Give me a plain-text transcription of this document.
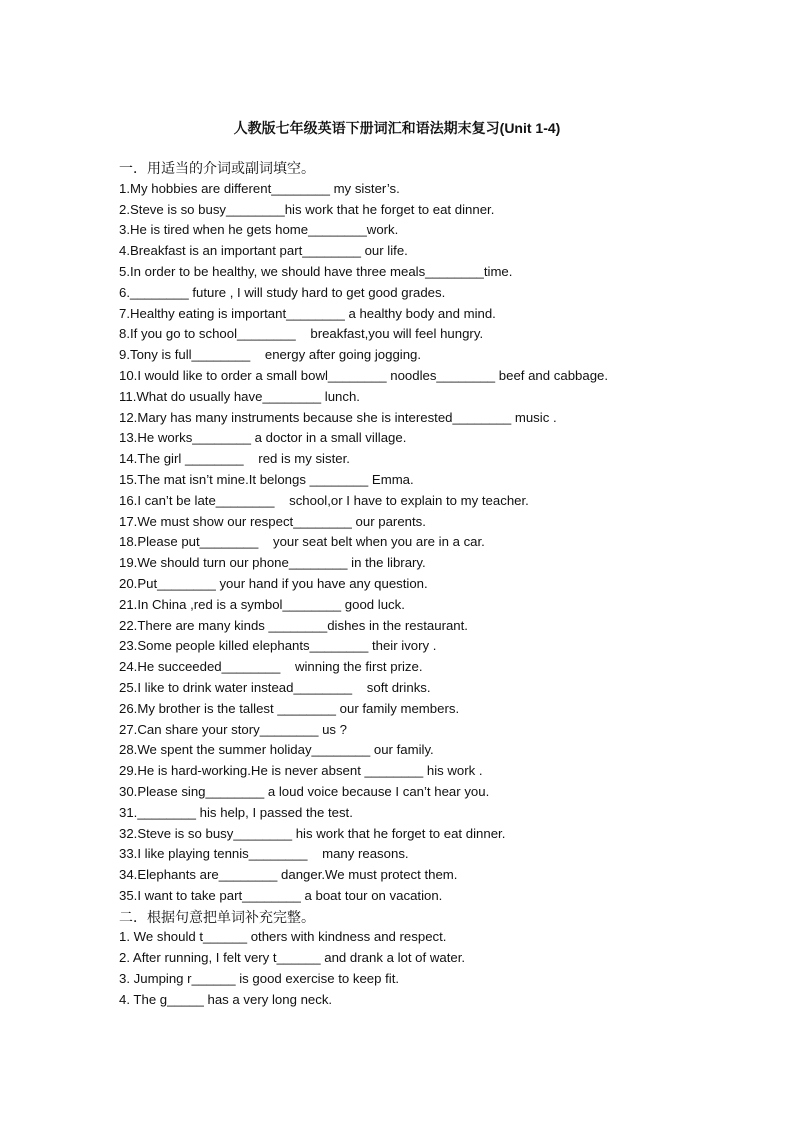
人教版七年级英语下册词汇和语法期末复习(Unit 1-4)
一．用适当的介词或副词填空。
1.My hobbies are different________ my sister’s.
2.Steve is so busy________his work that he forget to eat dinner.
3.He is tired when he gets home________work.
4.Breakfast is an important part________ our life.
5.In order to be healthy, we should have three meals________time.
6.________ future , I will study hard to get good grades.
7.Healthy eating is important________ a healthy body and mind.
8.If you go to school________    breakfast,you will feel hungry.
9.Tony is full________    energy after going jogging.
10.I would like to order a small bowl________ noodles________ beef and cabbage.
11.What do usually have________ lunch.
12.Mary has many instruments because she is interested________ music .
13.He works________ a doctor in a small village.
14.The girl ________    red is my sister.
15.The mat isn’t mine.It belongs ________ Emma.
16.I can’t be late________    school,or I have to explain to my teacher.
17.We must show our respect________ our parents.
18.Please put________    your seat belt when you are in a car.
19.We should turn our phone________ in the library.
20.Put________ your hand if you have any question.
21.In China ,red is a symbol________ good luck.
22.There are many kinds ________dishes in the restaurant.
23.Some people killed elephants________ their ivory .
24.He succeeded________    winning the first prize.
25.I like to drink water instead________    soft drinks.
26.My brother is the tallest ________ our family members.
27.Can share your story________ us ?
28.We spent the summer holiday________ our family.
29.He is hard-working.He is never absent ________ his work .
30.Please sing________ a loud voice because I can’t hear you.
31.________ his help, I passed the test.
32.Steve is so busy________ his work that he forget to eat dinner.
33.I like playing tennis________    many reasons.
34.Elephants are________ danger.We must protect them.
35.I want to take part________ a boat tour on vacation.
二．根据句意把单词补充完整。
1. We should t______ others with kindness and respect.
2. After running, I felt very t______ and drank a lot of water.
3. Jumping r______ is good exercise to keep fit.
4. The g_____ has a very long neck.
